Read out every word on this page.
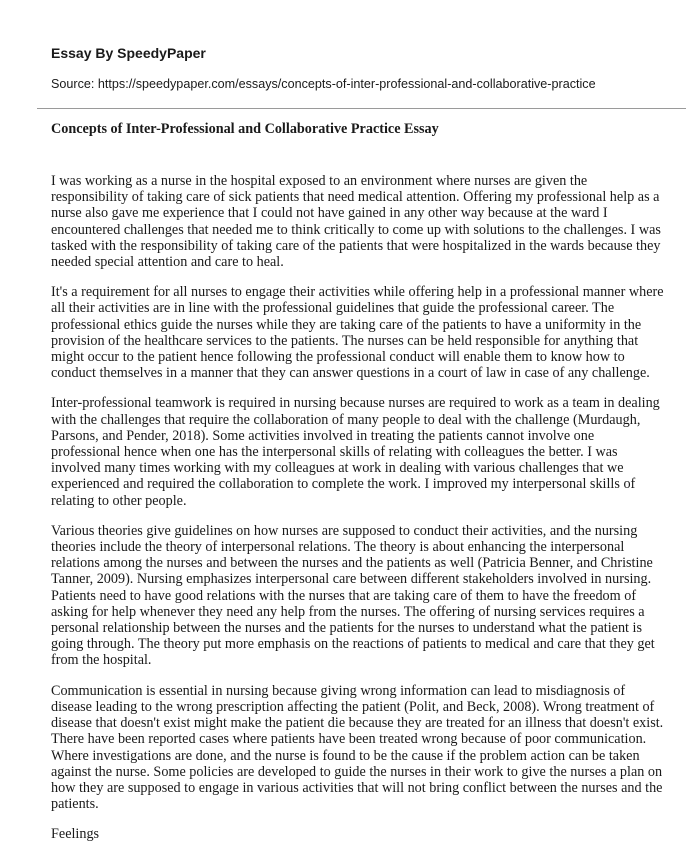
Essay By SpeedyPaper
Source: https://speedypaper.com/essays/concepts-of-inter-professional-and-collaborative-practice
Concepts of Inter-Professional and Collaborative Practice Essay

I was working as a nurse in the hospital exposed to an environment where nurses are given the responsibility of taking care of sick patients that need medical attention. Offering my professional help as a nurse also gave me experience that I could not have gained in any other way because at the ward I encountered challenges that needed me to think critically to come up with solutions to the challenges. I was tasked with the responsibility of taking care of the patients that were hospitalized in the wards because they needed special attention and care to heal.

It's a requirement for all nurses to engage their activities while offering help in a professional manner where all their activities are in line with the professional guidelines that guide the professional career. The professional ethics guide the nurses while they are taking care of the patients to have a uniformity in the provision of the healthcare services to the patients. The nurses can be held responsible for anything that might occur to the patient hence following the professional conduct will enable them to know how to conduct themselves in a manner that they can answer questions in a court of law in case of any challenge.

Inter-professional teamwork is required in nursing because nurses are required to work as a team in dealing with the challenges that require the collaboration of many people to deal with the challenge (Murdaugh, Parsons, and Pender, 2018). Some activities involved in treating the patients cannot involve one professional hence when one has the interpersonal skills of relating with colleagues the better. I was involved many times working with my colleagues at work in dealing with various challenges that we experienced and required the collaboration to complete the work. I improved my interpersonal skills of relating to other people.

Various theories give guidelines on how nurses are supposed to conduct their activities, and the nursing theories include the theory of interpersonal relations. The theory is about enhancing the interpersonal relations among the nurses and between the nurses and the patients as well (Patricia Benner, and Christine Tanner, 2009). Nursing emphasizes interpersonal care between different stakeholders involved in nursing. Patients need to have good relations with the nurses that are taking care of them to have the freedom of asking for help whenever they need any help from the nurses. The offering of nursing services requires a personal relationship between the nurses and the patients for the nurses to understand what the patient is going through. The theory put more emphasis on the reactions of patients to medical and care that they get from the hospital.

Communication is essential in nursing because giving wrong information can lead to misdiagnosis of disease leading to the wrong prescription affecting the patient (Polit, and Beck, 2008). Wrong treatment of disease that doesn't exist might make the patient die because they are treated for an illness that doesn't exist. There have been reported cases where patients have been treated wrong because of poor communication. Where investigations are done, and the nurse is found to be the cause if the problem action can be taken against the nurse. Some policies are developed to guide the nurses in their work to give the nurses a plan on how they are supposed to engage in various activities that will not bring conflict between the nurses and the patients.

Feelings
